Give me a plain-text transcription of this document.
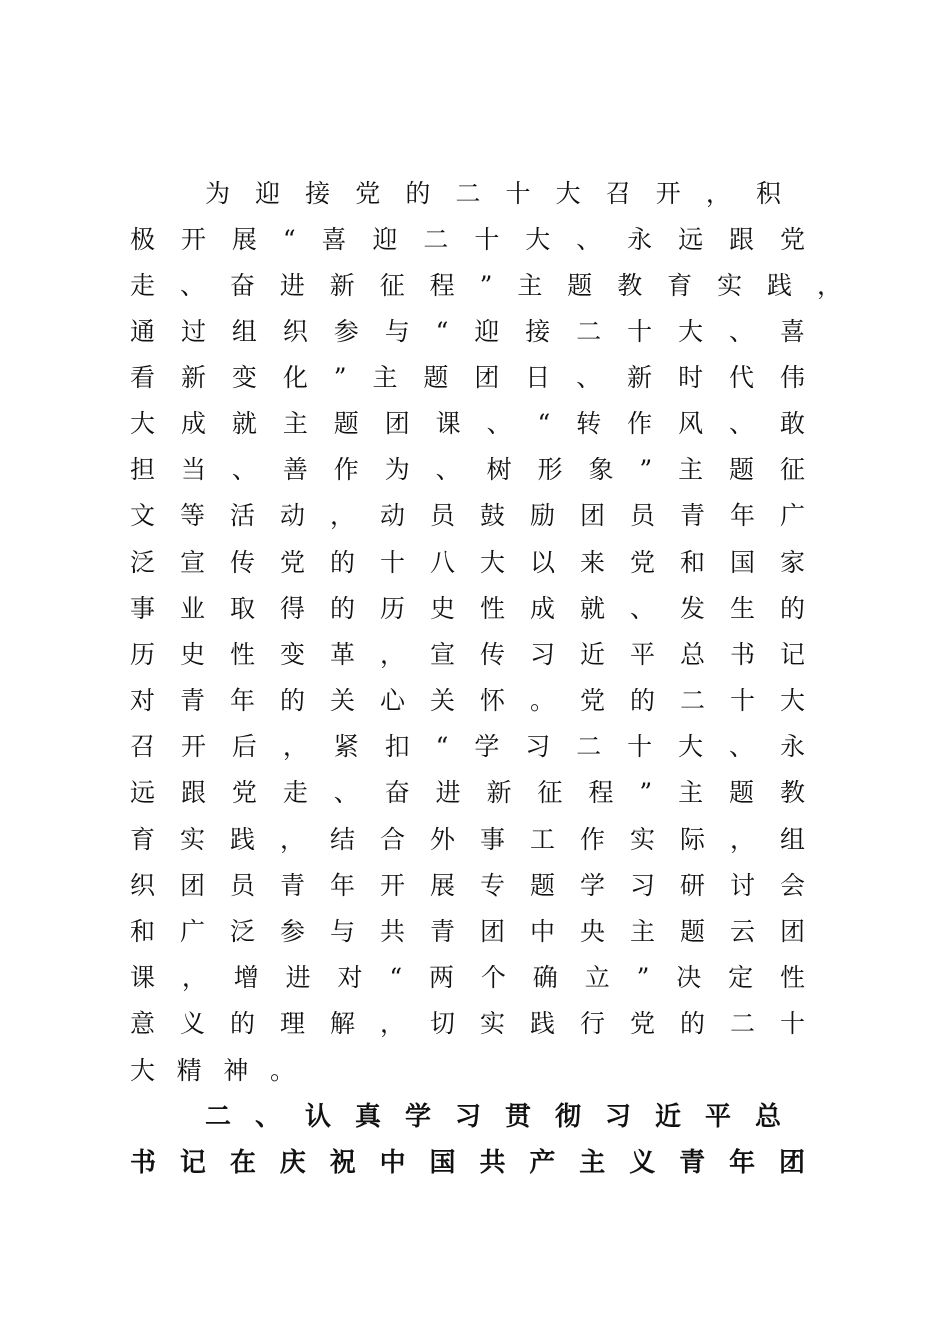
为迎接党的二十大召开，积
极开展“喜迎二十大、永远跟党
走、奋进新征程”主题教育实践，
通过组织参与“迎接二十大、喜
看新变化”主题团日、新时代伟
大成就主题团课、“转作风、敢
担当、善作为、树形象”主题征
文等活动，动员鼓励团员青年广
泛宣传党的十八大以来党和国家
事业取得的历史性成就、发生的
历史性变革，宣传习近平总书记
对青年的关心关怀。党的二十大
召开后，紧扣“学习二十大、永
远跟党走、奋进新征程”主题教
育实践，结合外事工作实际，组
织团员青年开展专题学习研讨会
和广泛参与共青团中央主题云团
课，增进对“两个确立”决定性
意义的理解，切实践行党的二十
大精神。
二、认真学习贯彻习近平总
书记在庆祝中国共产主义青年团
